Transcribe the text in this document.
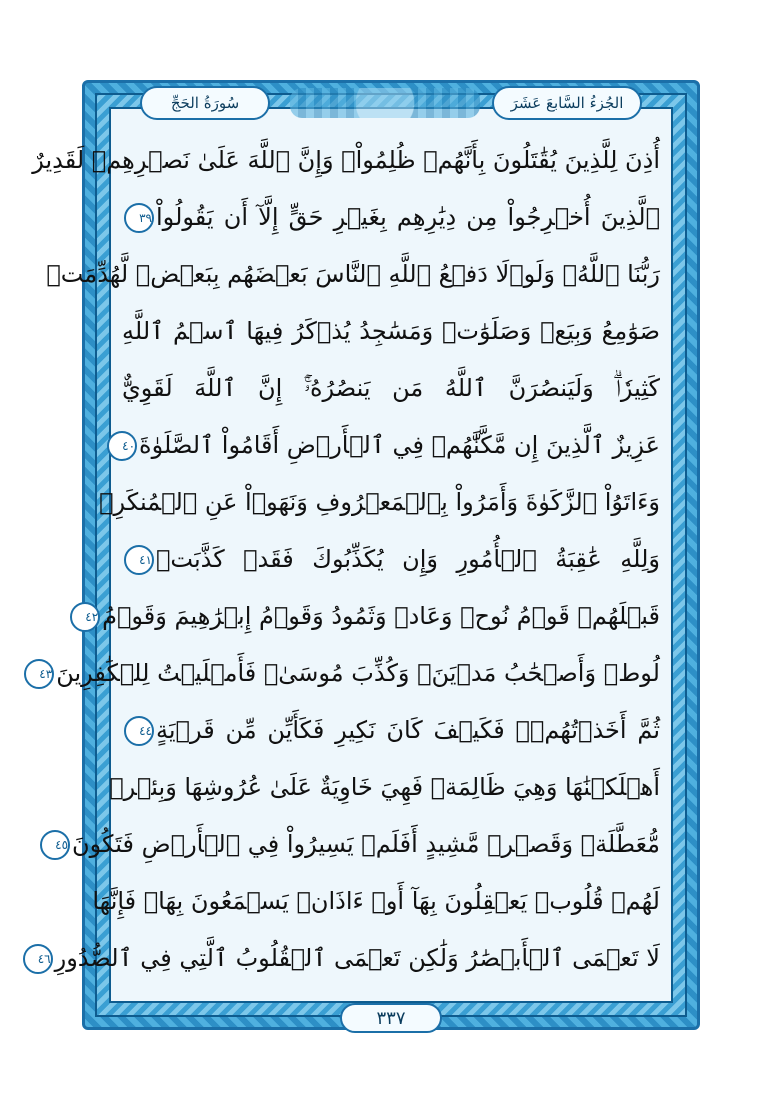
سُورَةُ الحَجِّ	الجُزءُ السَّابعَ عَشَرَ
أُذِنَ لِلَّذِينَ يُقَٰتَلُونَ بِأَنَّهُمۡ ظُلِمُواْۚ وَإِنَّ ٱللَّهَ عَلَىٰ نَصۡرِهِمۡ لَقَدِيرٌ
ٱلَّذِينَ أُخۡرِجُواْ مِن دِيَٰرِهِم بِغَيۡرِ حَقٍّ إِلَّآ أَن يَقُولُواْ٣٩
رَبُّنَا ٱللَّهُۗ وَلَوۡلَا دَفۡعُ ٱللَّهِ ٱلنَّاسَ بَعۡضَهُم بِبَعۡضٖ لَّهُدِّمَتۡ
صَوَٰمِعُ وَبِيَعٞ وَصَلَوَٰتٞ وَمَسَٰجِدُ يُذۡكَرُ فِيهَا ٱسۡمُ ٱللَّهِ
كَثِيرٗاۗ وَلَيَنصُرَنَّ ٱللَّهُ مَن يَنصُرُهُۥٓۚ إِنَّ ٱللَّهَ لَقَوِيٌّ
عَزِيزٌ ٱلَّذِينَ إِن مَّكَّنَّٰهُمۡ فِي ٱلۡأَرۡضِ أَقَامُواْ ٱلصَّلَوٰةَ٤٠
وَءَاتَوُاْ ٱلزَّكَوٰةَ وَأَمَرُواْ بِٱلۡمَعۡرُوفِ وَنَهَوۡاْ عَنِ ٱلۡمُنكَرِۗ
وَلِلَّهِ عَٰقِبَةُ ٱلۡأُمُورِ وَإِن يُكَذِّبُوكَ فَقَدۡ كَذَّبَتۡ٤١
قَبۡلَهُمۡ قَوۡمُ نُوحٖ وَعَادٞ وَثَمُودُ وَقَوۡمُ إِبۡرَٰهِيمَ وَقَوۡمُ٤٢
لُوطٖ وَأَصۡحَٰبُ مَدۡيَنَۖ وَكُذِّبَ مُوسَىٰۖ فَأَمۡلَيۡتُ لِلۡكَٰفِرِينَ٤٣
ثُمَّ أَخَذۡتُهُمۡۖ فَكَيۡفَ كَانَ نَكِيرِ فَكَأَيِّن مِّن قَرۡيَةٍ٤٤
أَهۡلَكۡنَٰهَا وَهِيَ ظَالِمَةٞ فَهِيَ خَاوِيَةٌ عَلَىٰ عُرُوشِهَا وَبِئۡرٖ
مُّعَطَّلَةٖ وَقَصۡرٖ مَّشِيدٍ أَفَلَمۡ يَسِيرُواْ فِي ٱلۡأَرۡضِ فَتَكُونَ٤٥
لَهُمۡ قُلُوبٞ يَعۡقِلُونَ بِهَآ أَوۡ ءَاذَانٞ يَسۡمَعُونَ بِهَاۖ فَإِنَّهَا
لَا تَعۡمَى ٱلۡأَبۡصَٰرُ وَلَٰكِن تَعۡمَى ٱلۡقُلُوبُ ٱلَّتِي فِي ٱلصُّدُورِ٤٦
٣٣٧
